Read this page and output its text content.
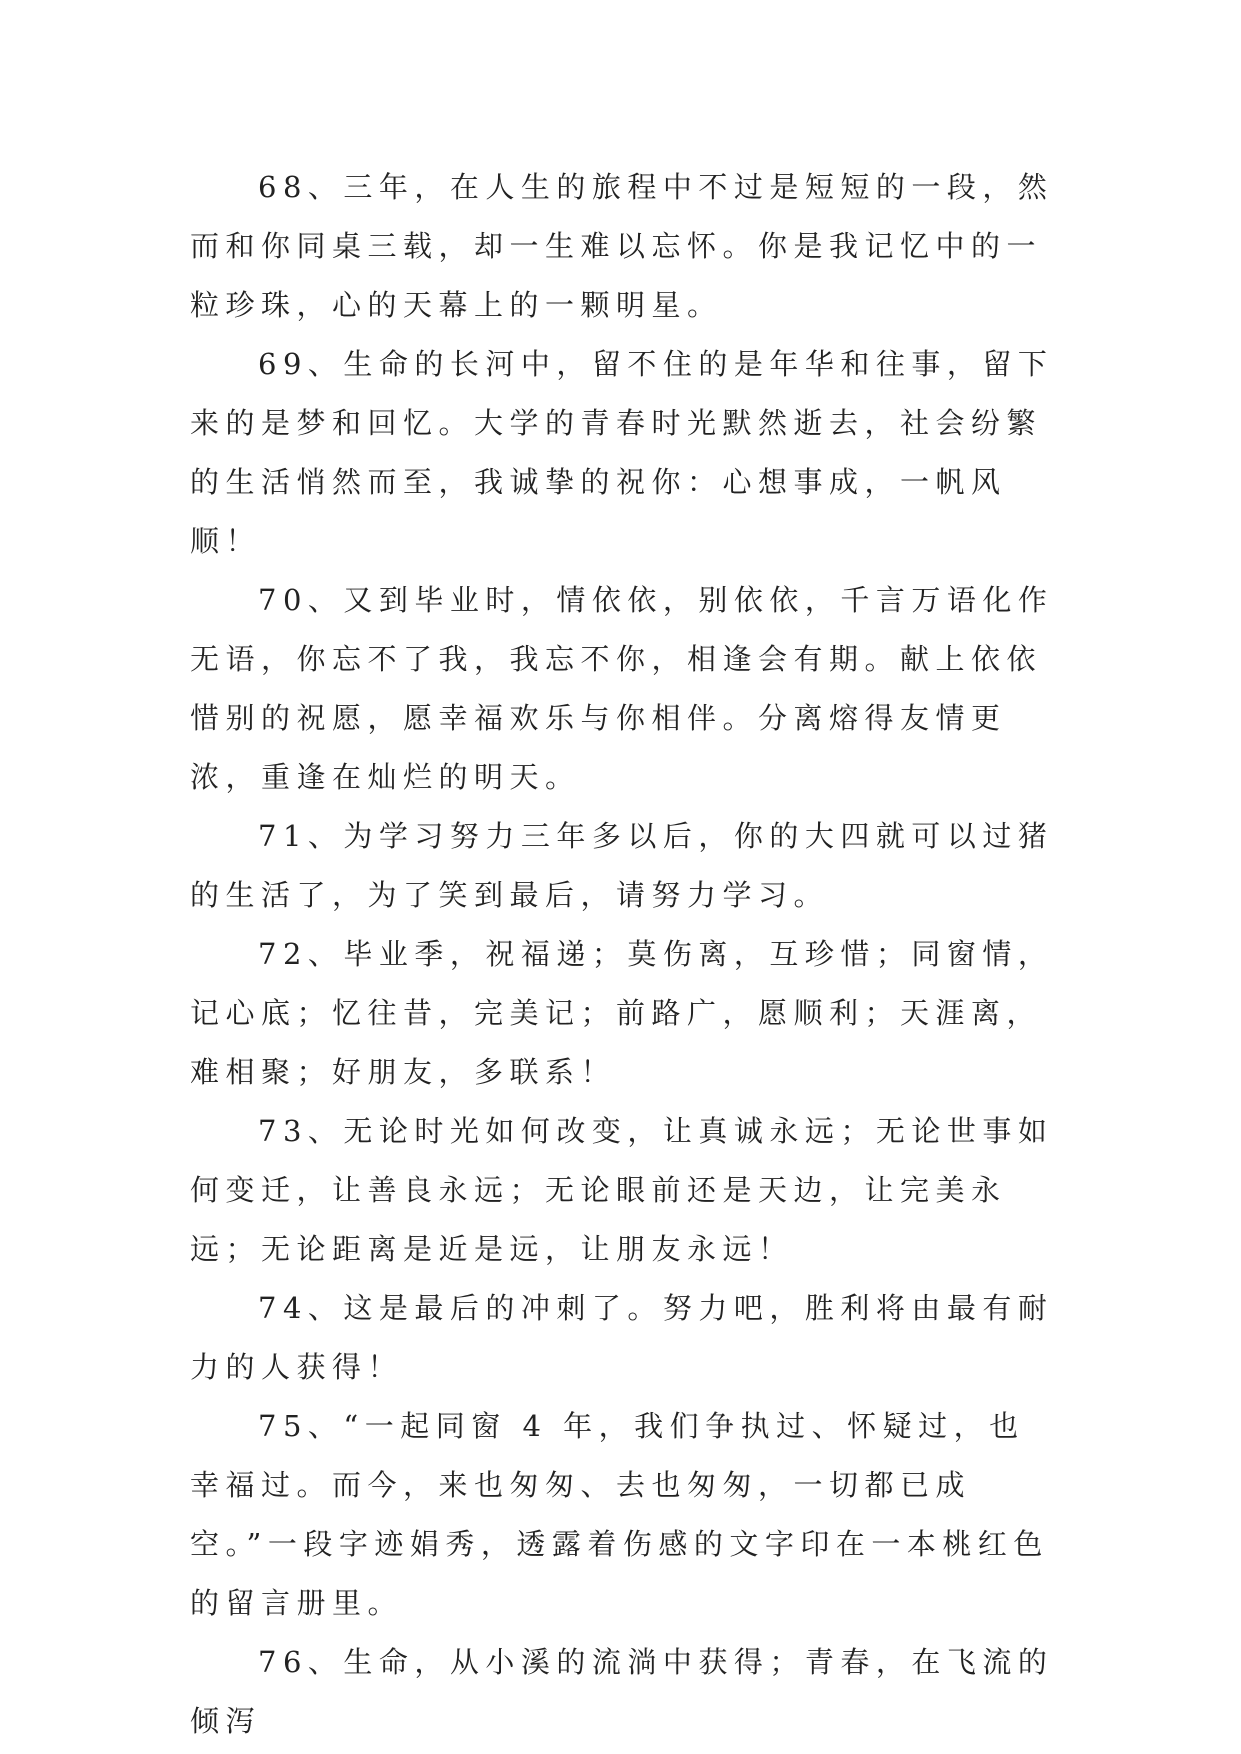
68、三年，在人生的旅程中不过是短短的一段，然而和你同桌三载，却一生难以忘怀。你是我记忆中的一粒珍珠，心的天幕上的一颗明星。

69、生命的长河中，留不住的是年华和往事，留下来的是梦和回忆。大学的青春时光默然逝去，社会纷繁的生活悄然而至，我诚挚的祝你：心想事成，一帆风顺！

70、又到毕业时，情依依，别依依，千言万语化作无语，你忘不了我，我忘不你，相逢会有期。献上依依惜别的祝愿，愿幸福欢乐与你相伴。分离熔得友情更浓，重逢在灿烂的明天。

71、为学习努力三年多以后，你的大四就可以过猪的生活了，为了笑到最后，请努力学习。

72、毕业季，祝福递；莫伤离，互珍惜；同窗情，记心底；忆往昔，完美记；前路广，愿顺利；天涯离，难相聚；好朋友，多联系！

73、无论时光如何改变，让真诚永远；无论世事如何变迁，让善良永远；无论眼前还是天边，让完美永远；无论距离是近是远，让朋友永远！

74、这是最后的冲刺了。努力吧，胜利将由最有耐力的人获得！

75、“一起同窗 4 年，我们争执过、怀疑过，也幸福过。而今，来也匆匆、去也匆匆，一切都已成空。”一段字迹娟秀，透露着伤感的文字印在一本桃红色的留言册里。

76、生命，从小溪的流淌中获得；青春，在飞流的倾泻
